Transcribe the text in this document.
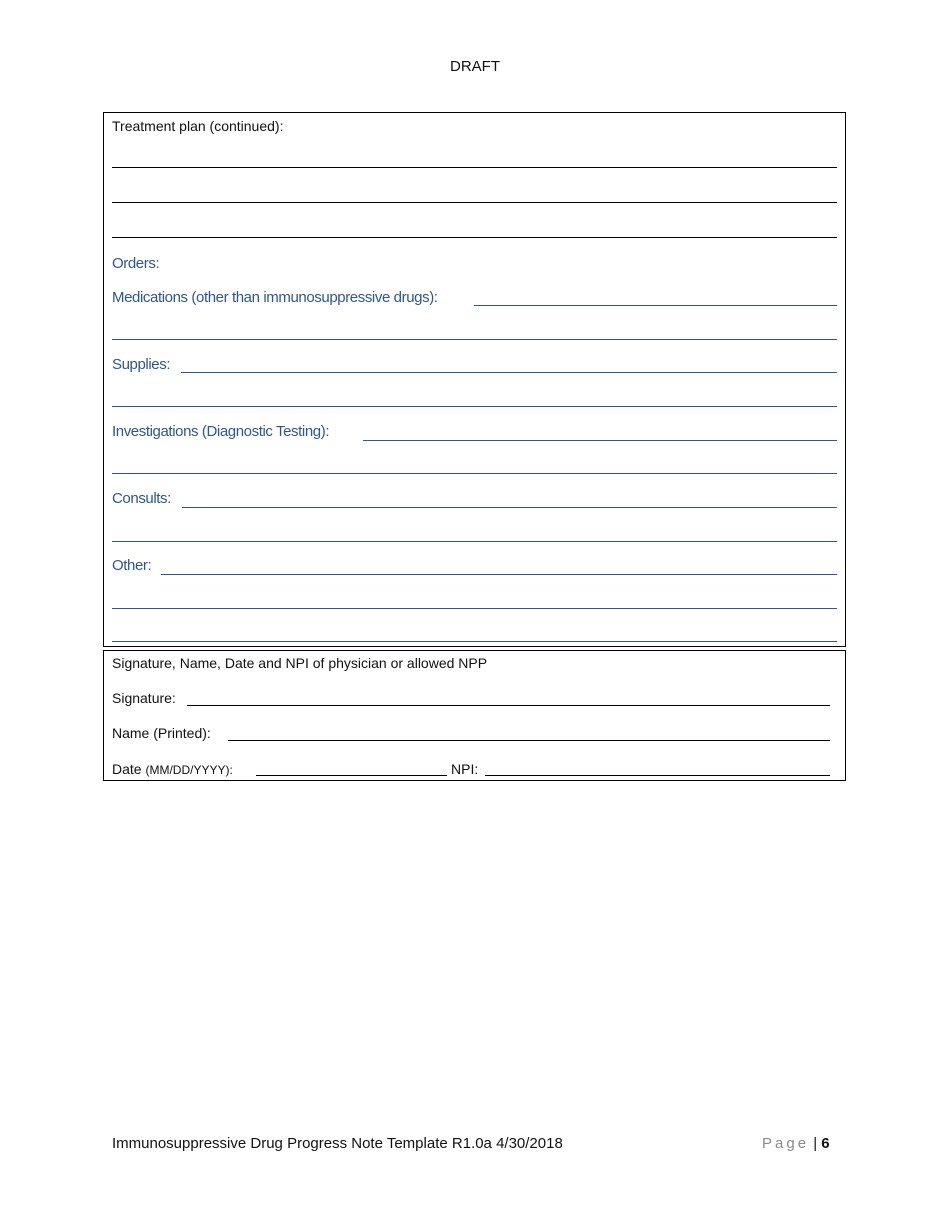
DRAFT
Treatment plan (continued):
Orders:
Medications (other than immunosuppressive drugs):
Supplies:
Investigations (Diagnostic Testing):
Consults:
Other:
Signature, Name, Date and NPI of physician or allowed NPP
Signature:
Name (Printed):
Date (MM/DD/YYYY):	NPI:
Immunosuppressive Drug Progress Note Template R1.0a 4/30/2018	Page | 6
